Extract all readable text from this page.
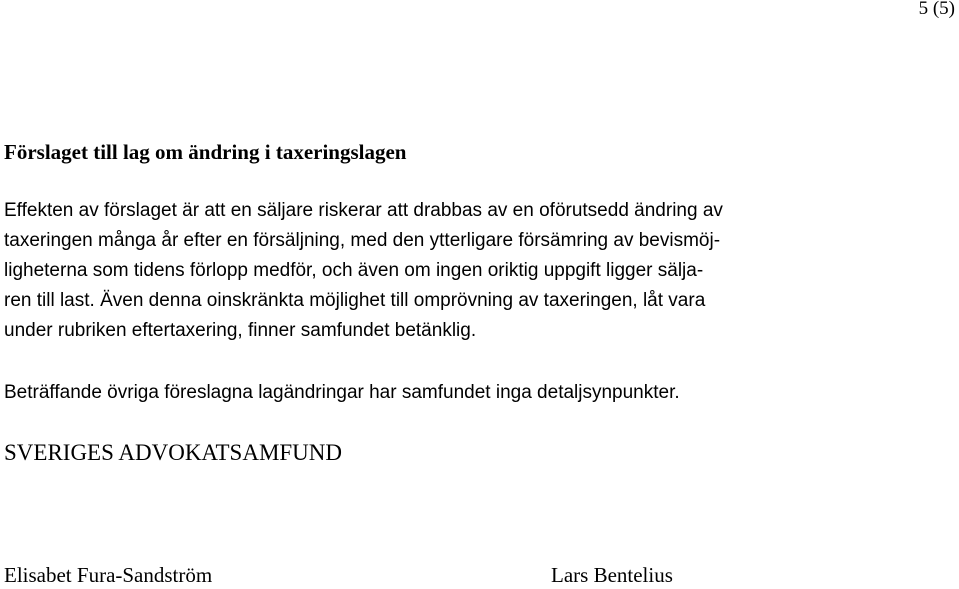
5 (5)
Förslaget till lag om ändring i taxeringslagen

Effekten av förslaget är att en säljare riskerar att drabbas av en oförutsedd ändring av
taxeringen många år efter en försäljning, med den ytterligare försämring av bevismöj-
ligheterna som tidens förlopp medför, och även om ingen oriktig uppgift ligger sälja-
ren till last. Även denna oinskränkta möjlighet till omprövning av taxeringen, låt vara
under rubriken eftertaxering, finner samfundet betänklig.

Beträffande övriga föreslagna lagändringar har samfundet inga detaljsynpunkter.

SVERIGES ADVOKATSAMFUND
Elisabet Fura-Sandström	Lars Bentelius
